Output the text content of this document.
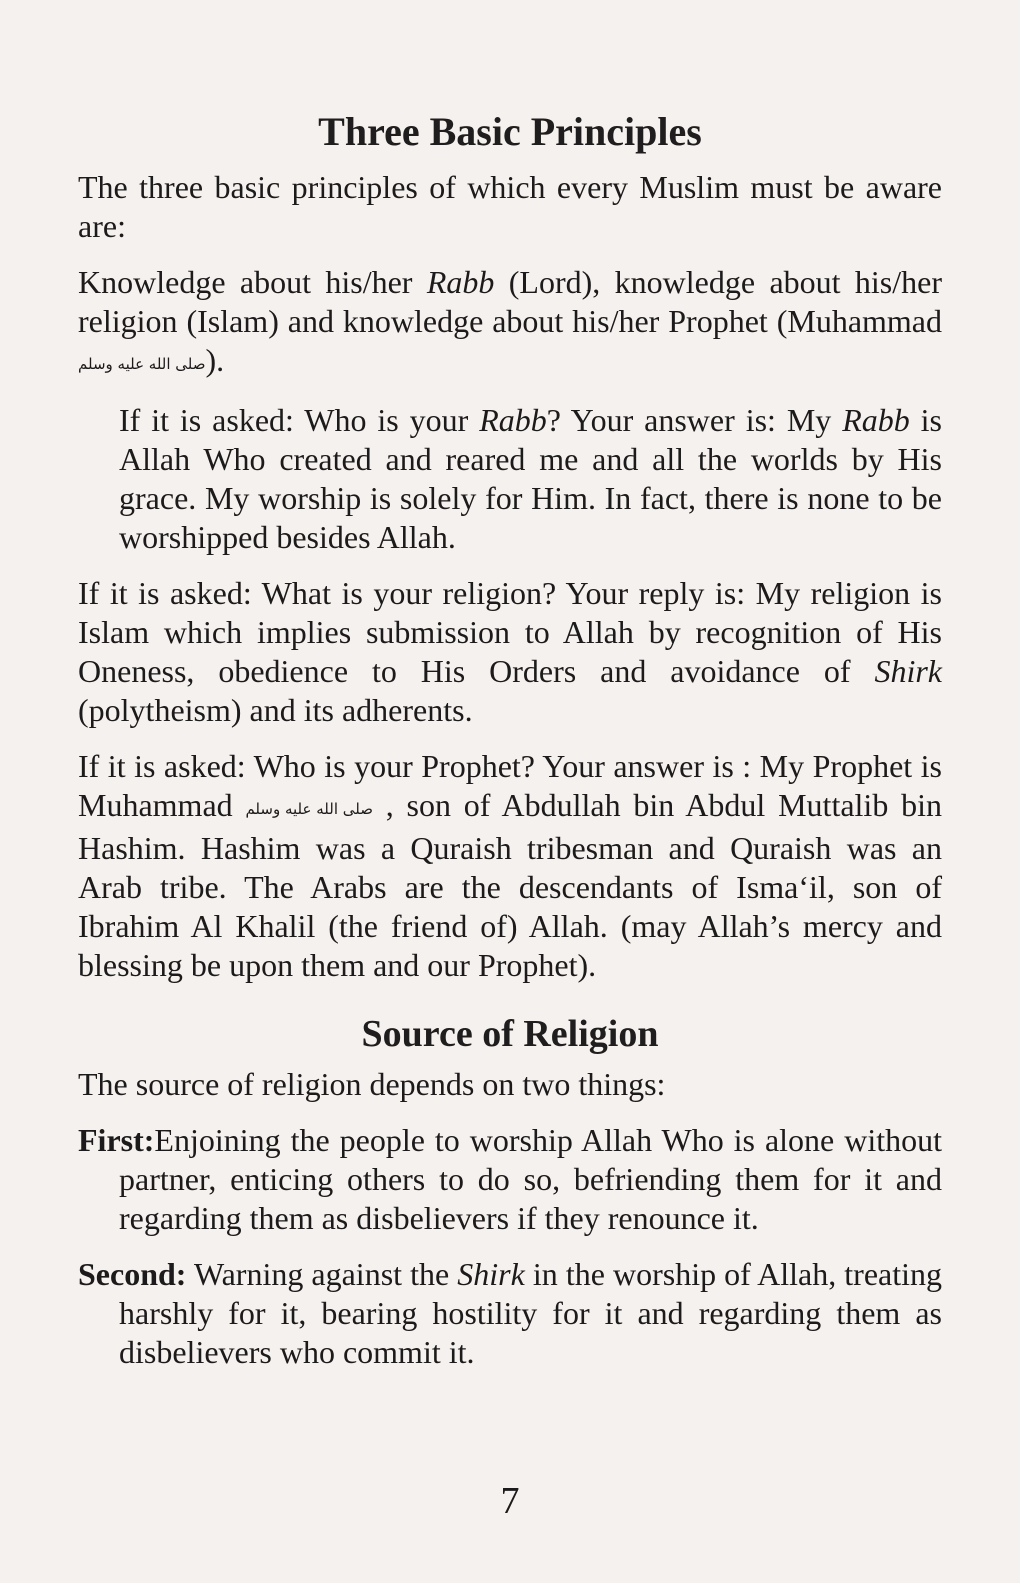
Three Basic Principles

The three basic principles of which every Muslim must be aware are:

Knowledge about his/her Rabb (Lord), knowledge about his/her religion (Islam) and knowledge about his/her Prophet (Muhammad صلى الله عليه وسلم).

If it is asked: Who is your Rabb? Your answer is: My Rabb is Allah Who created and reared me and all the worlds by His grace. My worship is solely for Him. In fact, there is none to be worshipped besides Allah.

If it is asked: What is your religion? Your reply is: My religion is Islam which implies submission to Allah by recognition of His Oneness, obedience to His Orders and avoidance of Shirk (polytheism) and its adherents.

If it is asked: Who is your Prophet? Your answer is : My Prophet is Muhammad صلى الله عليه وسلم , son of Abdullah bin Abdul Muttalib bin Hashim. Hashim was a Quraish tribesman and Quraish was an Arab tribe. The Arabs are the descendants of Isma‘il, son of Ibrahim Al Khalil (the friend of) Allah. (may Allah’s mercy and blessing be upon them and our Prophet).

Source of Religion

The source of religion depends on two things:

First:Enjoining the people to worship Allah Who is alone without partner, enticing others to do so, befriending them for it and regarding them as disbelievers if they renounce it.

Second: Warning against the Shirk in the worship of Allah, treating harshly for it, bearing hostility for it and regarding them as disbelievers who commit it.

7
